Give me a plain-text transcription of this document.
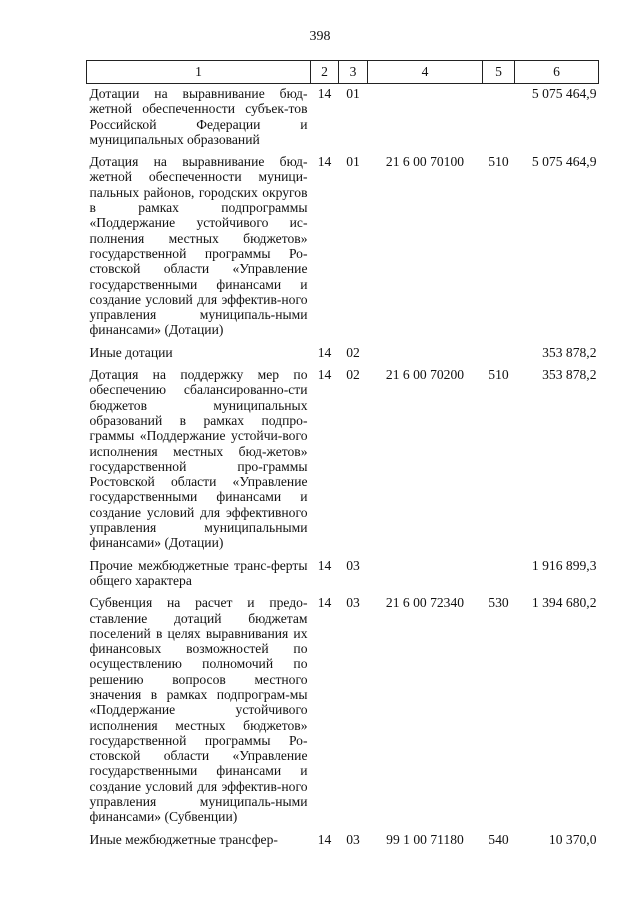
398
1	2	3	4	5	6
Дотации на выравнивание бюд-жетной обеспеченности субъек-тов Российской Федерации и муниципальных образований	14	01			5 075 464,9
Дотация на выравнивание бюд-жетной обеспеченности муници-пальных районов, городских округов в рамках подпрограммы «Поддержание устойчивого ис-полнения местных бюджетов» государственной программы Ро-стовской области «Управление государственными финансами и создание условий для эффектив-ного управления муниципаль-ными финансами» (Дотации)	14	01	21 6 00 70100	510	5 075 464,9
Иные дотации	14	02			353 878,2
Дотация на поддержку мер по обеспечению сбалансированно-сти бюджетов муниципальных образований в рамках подпро-граммы «Поддержание устойчи-вого исполнения местных бюд-жетов» государственной про-граммы Ростовской области «Управление государственными финансами и создание условий для эффективного управления муниципальными финансами» (Дотации)	14	02	21 6 00 70200	510	353 878,2
Прочие межбюджетные транс-ферты общего характера	14	03			1 916 899,3
Субвенция на расчет и предо-ставление дотаций бюджетам поселений в целях выравнивания их финансовых возможностей по осуществлению полномочий по решению вопросов местного значения в рамках подпрограм-мы «Поддержание устойчивого исполнения местных бюджетов» государственной программы Ро-стовской области «Управление государственными финансами и создание условий для эффектив-ного управления муниципаль-ными финансами» (Субвенции)	14	03	21 6 00 72340	530	1 394 680,2
Иные межбюджетные трансфер-	14	03	99 1 00 71180	540	10 370,0
